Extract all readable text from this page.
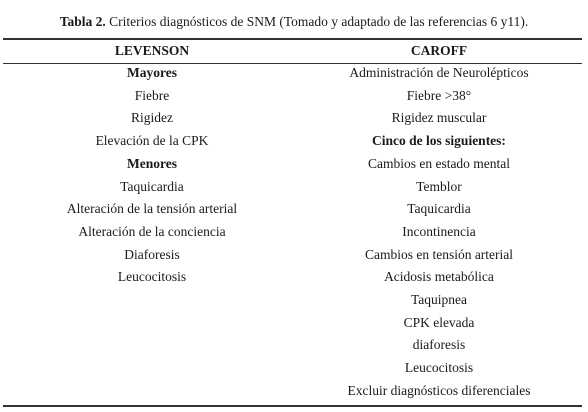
Tabla 2. Criterios diagnósticos de SNM (Tomado y adaptado de las referencias 6 y11).
LEVENSON	CAROFF
Mayores
Fiebre
Rigidez
Elevación de la CPK
Menores
Taquicardia
Alteración de la tensión arterial
Alteración de la conciencia
Diaforesis
Leucocitosis
Administración de Neurolépticos
Fiebre >38°
Rigidez muscular
Cinco de los siguientes:
Cambios en estado mental
Temblor
Taquicardia
Incontinencia
Cambios en tensión arterial
Acidosis metabólica
Taquipnea
CPK elevada
diaforesis
Leucocitosis
Excluir diagnósticos diferenciales
